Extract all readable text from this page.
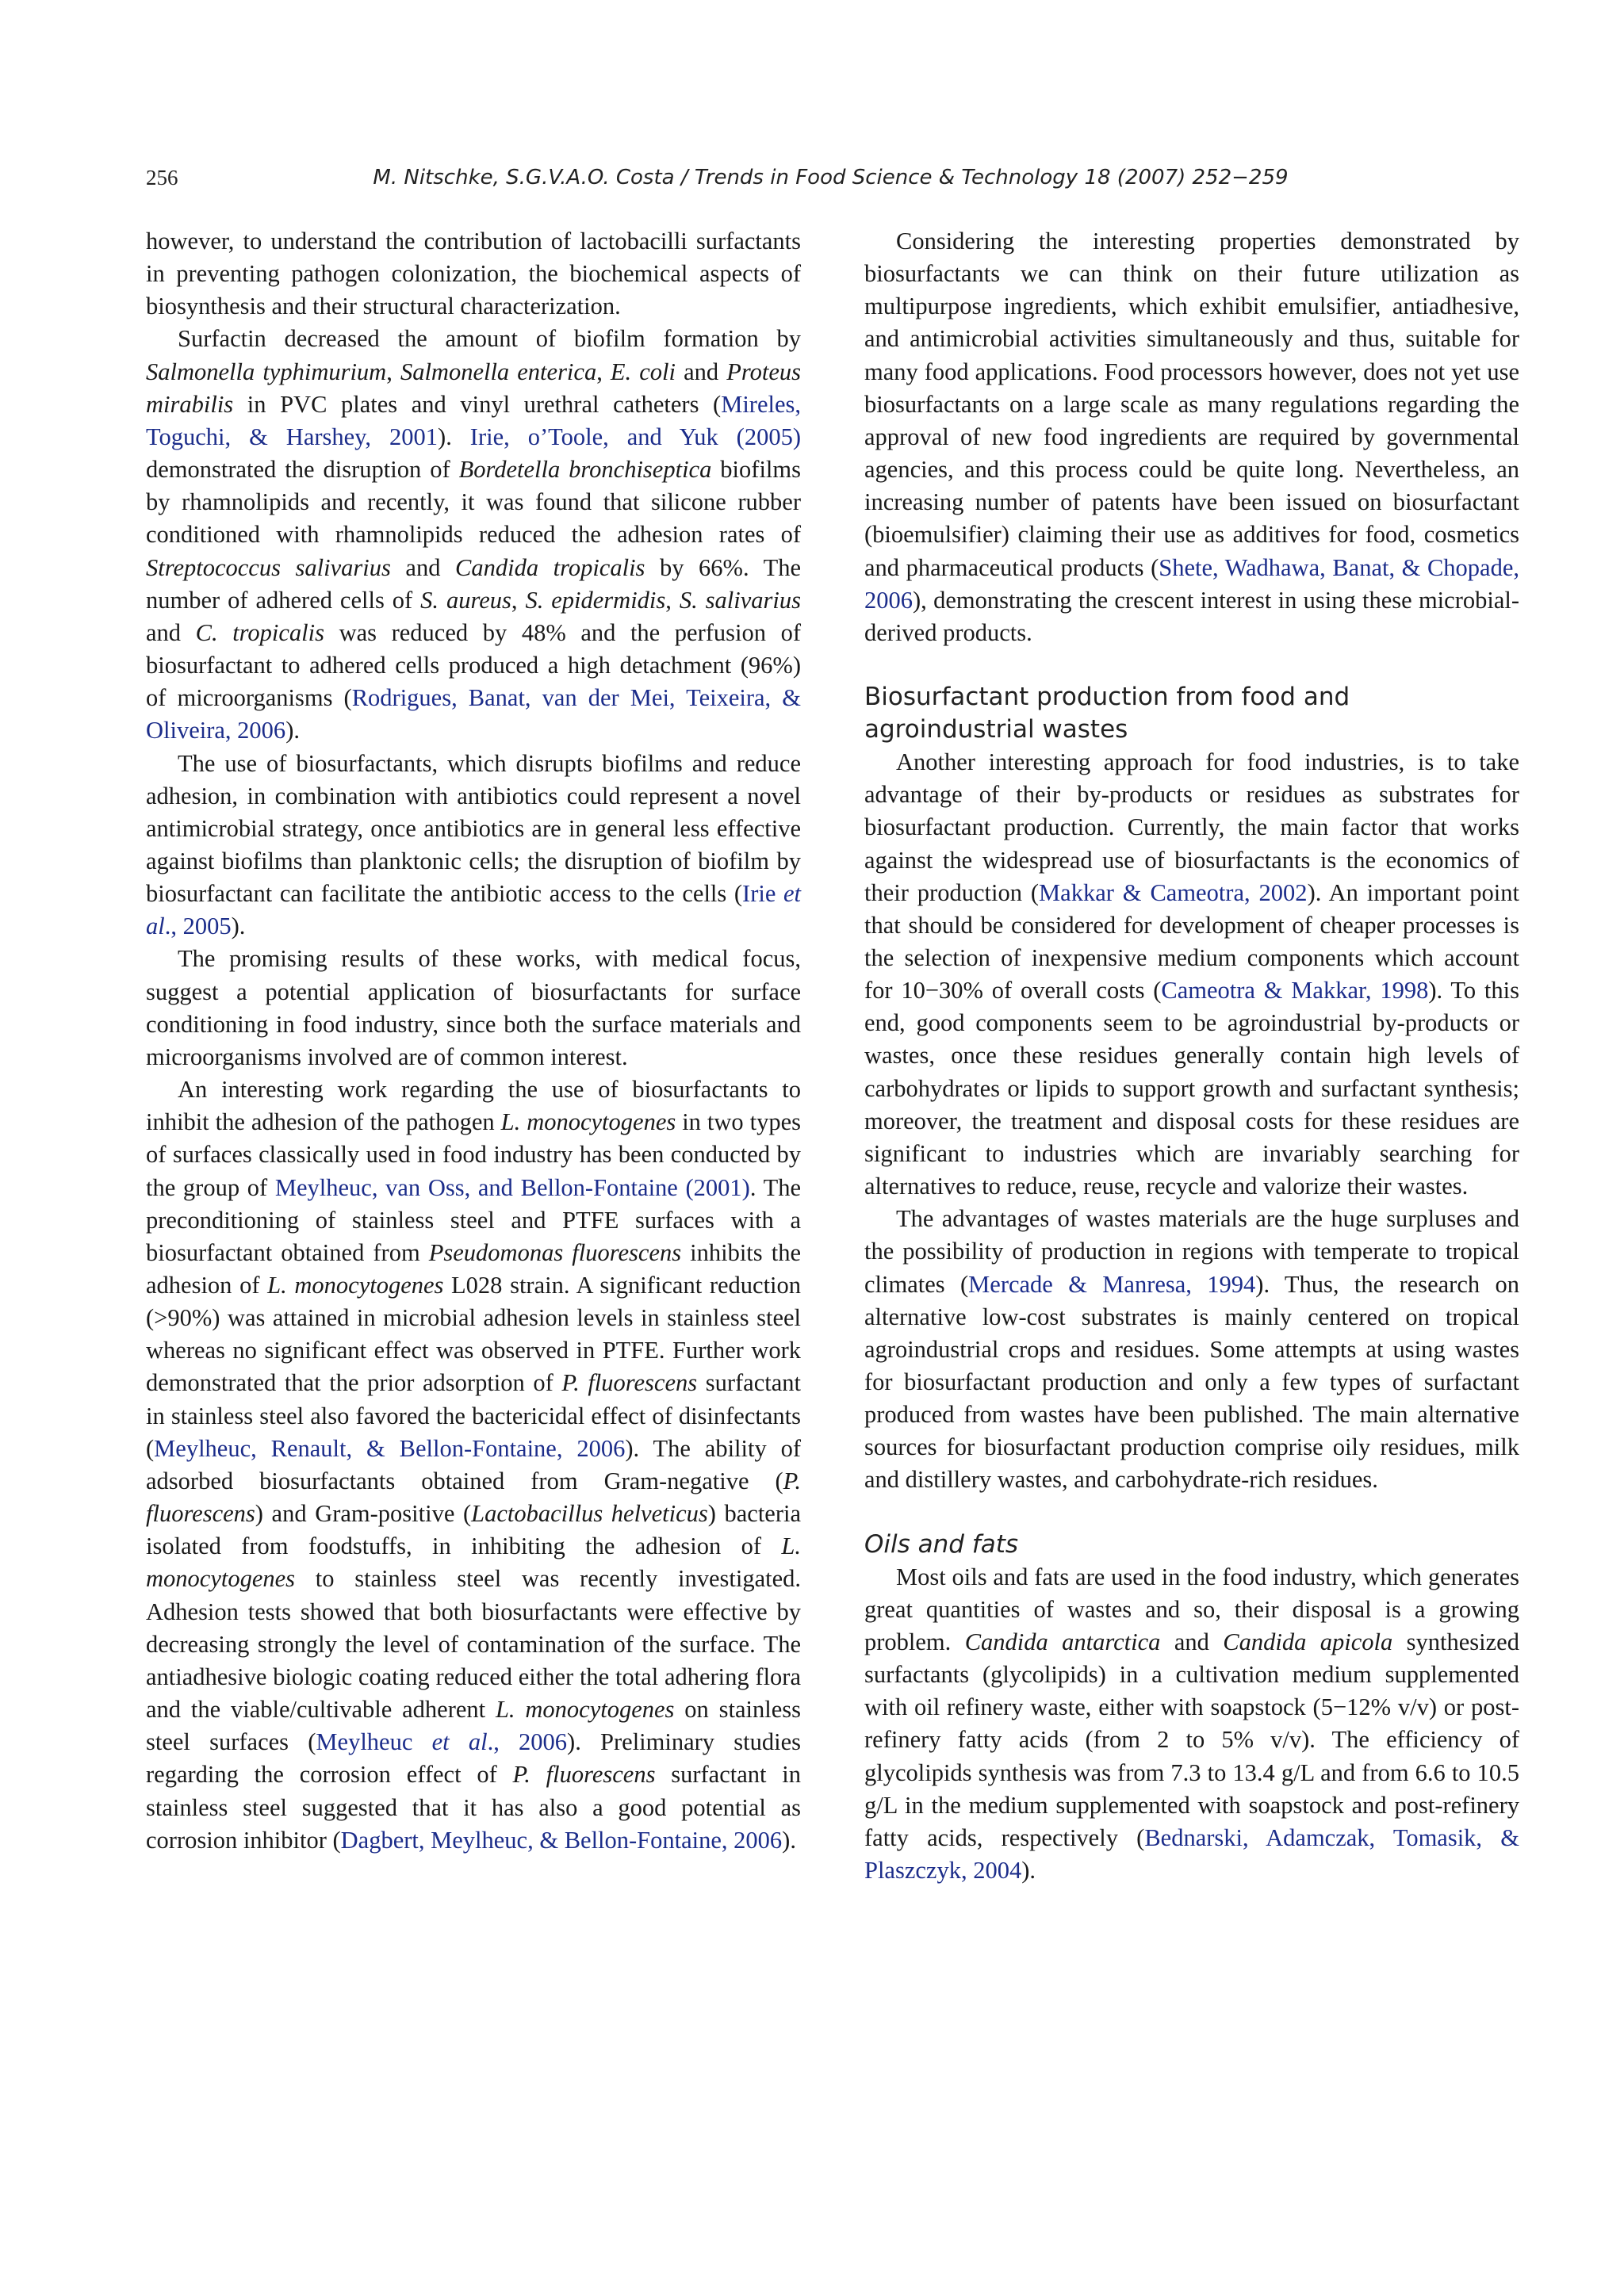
256	M. Nitschke, S.G.V.A.O. Costa / Trends in Food Science & Technology 18 (2007) 252−259

however, to understand the contribution of lactobacilli surfactants in preventing pathogen colonization, the biochemical aspects of biosynthesis and their structural characterization.

Surfactin decreased the amount of biofilm formation by Salmonella typhimurium, Salmonella enterica, E. coli and Proteus mirabilis in PVC plates and vinyl urethral catheters (Mireles, Toguchi, & Harshey, 2001). Irie, o’Toole, and Yuk (2005) demonstrated the disruption of Bordetella bronchiseptica biofilms by rhamnolipids and recently, it was found that silicone rubber conditioned with rhamnolipids reduced the adhesion rates of Streptococcus salivarius and Candida tropicalis by 66%. The number of adhered cells of S. aureus, S. epidermidis, S. salivarius and C. tropicalis was reduced by 48% and the perfusion of biosurfactant to adhered cells produced a high detachment (96%) of microorganisms (Rodrigues, Banat, van der Mei, Teixeira, & Oliveira, 2006).

The use of biosurfactants, which disrupts biofilms and reduce adhesion, in combination with antibiotics could represent a novel antimicrobial strategy, once antibiotics are in general less effective against biofilms than planktonic cells; the disruption of biofilm by biosurfactant can facilitate the antibiotic access to the cells (Irie et al., 2005).

The promising results of these works, with medical focus, suggest a potential application of biosurfactants for surface conditioning in food industry, since both the surface materials and microorganisms involved are of common interest.

An interesting work regarding the use of biosurfactants to inhibit the adhesion of the pathogen L. monocytogenes in two types of surfaces classically used in food industry has been conducted by the group of Meylheuc, van Oss, and Bellon-Fontaine (2001). The preconditioning of stainless steel and PTFE surfaces with a biosurfactant obtained from Pseudomonas fluorescens inhibits the adhesion of L. monocytogenes L028 strain. A significant reduction (>90%) was attained in microbial adhesion levels in stainless steel whereas no significant effect was observed in PTFE. Further work demonstrated that the prior adsorption of P. fluorescens surfactant in stainless steel also favored the bactericidal effect of disinfectants (Meylheuc, Renault, & Bellon-Fontaine, 2006). The ability of adsorbed biosurfactants obtained from Gram-negative (P. fluorescens) and Gram-positive (Lactobacillus helveticus) bacteria isolated from foodstuffs, in inhibiting the adhesion of L. monocytogenes to stainless steel was recently investigated. Adhesion tests showed that both biosurfactants were effective by decreasing strongly the level of contamination of the surface. The antiadhesive biologic coating reduced either the total adhering flora and the viable/cultivable adherent L. monocytogenes on stainless steel surfaces (Meylheuc et al., 2006). Preliminary studies regarding the corrosion effect of P. fluorescens surfactant in stainless steel suggested that it has also a good potential as corrosion inhibitor (Dagbert, Meylheuc, & Bellon-Fontaine, 2006).

Considering the interesting properties demonstrated by biosurfactants we can think on their future utilization as multipurpose ingredients, which exhibit emulsifier, antiadhesive, and antimicrobial activities simultaneously and thus, suitable for many food applications. Food processors however, does not yet use biosurfactants on a large scale as many regulations regarding the approval of new food ingredients are required by governmental agencies, and this process could be quite long. Nevertheless, an increasing number of patents have been issued on biosurfactant (bioemulsifier) claiming their use as additives for food, cosmetics and pharmaceutical products (Shete, Wadhawa, Banat, & Chopade, 2006), demonstrating the crescent interest in using these microbial-derived products.

Biosurfactant production from food and
agroindustrial wastes

Another interesting approach for food industries, is to take advantage of their by-products or residues as substrates for biosurfactant production. Currently, the main factor that works against the widespread use of biosurfactants is the economics of their production (Makkar & Cameotra, 2002). An important point that should be considered for development of cheaper processes is the selection of inexpensive medium components which account for 10−30% of overall costs (Cameotra & Makkar, 1998). To this end, good components seem to be agroindustrial by-products or wastes, once these residues generally contain high levels of carbohydrates or lipids to support growth and surfactant synthesis; moreover, the treatment and disposal costs for these residues are significant to industries which are invariably searching for alternatives to reduce, reuse, recycle and valorize their wastes.

The advantages of wastes materials are the huge surpluses and the possibility of production in regions with temperate to tropical climates (Mercade & Manresa, 1994). Thus, the research on alternative low-cost substrates is mainly centered on tropical agroindustrial crops and residues. Some attempts at using wastes for biosurfactant production and only a few types of surfactant produced from wastes have been published. The main alternative sources for biosurfactant production comprise oily residues, milk and distillery wastes, and carbohydrate-rich residues.

Oils and fats

Most oils and fats are used in the food industry, which generates great quantities of wastes and so, their disposal is a growing problem. Candida antarctica and Candida apicola synthesized surfactants (glycolipids) in a cultivation medium supplemented with oil refinery waste, either with soapstock (5−12% v/v) or post-refinery fatty acids (from 2 to 5% v/v). The efficiency of glycolipids synthesis was from 7.3 to 13.4 g/L and from 6.6 to 10.5 g/L in the medium supplemented with soapstock and post-refinery fatty acids, respectively (Bednarski, Adamczak, Tomasik, & Plaszczyk, 2004).
